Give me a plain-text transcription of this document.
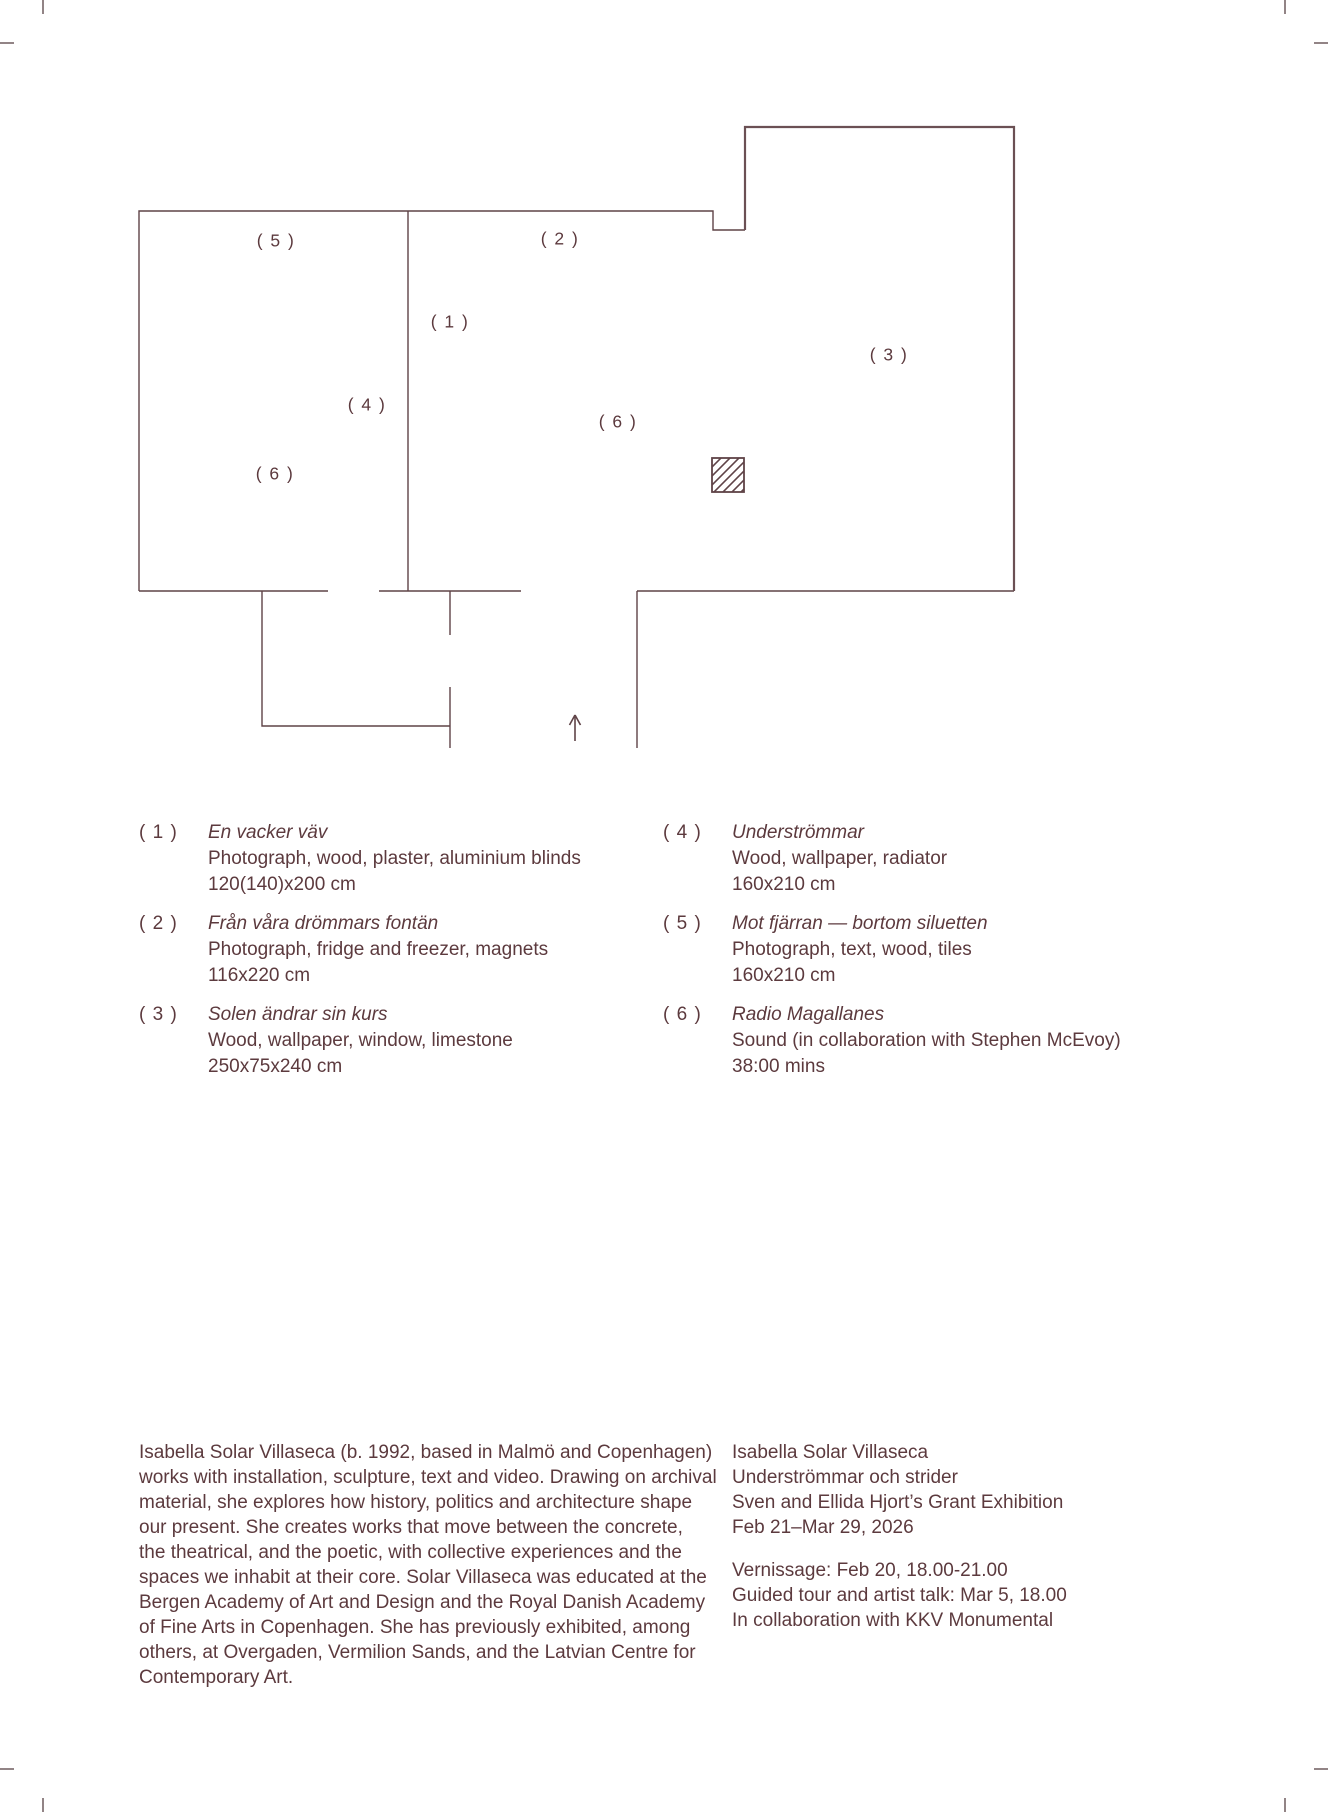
( 5 )	( 2 )
( 1 )
( 3 )
( 4 )
( 6 )
( 6 )
( 1 )	En vacker väv
Photograph, wood, plaster, aluminium blinds
120(140)x200 cm
( 2 )	Från våra drömmars fontän
Photograph, fridge and freezer, magnets
116x220 cm
( 3 )	Solen ändrar sin kurs
Wood, wallpaper, window, limestone
250x75x240 cm
( 4 )	Underströmmar
Wood, wallpaper, radiator
160x210 cm
( 5 )	Mot fjärran — bortom siluetten
Photograph, text, wood, tiles
160x210 cm
( 6 )	Radio Magallanes
Sound (in collaboration with Stephen McEvoy)
38:00 mins
Isabella Solar Villaseca (b. 1992, based in Malmö and Copenhagen)
works with installation, sculpture, text and video. Drawing on archival
material, she explores how history, politics and architecture shape
our present. She creates works that move between the concrete,
the theatrical, and the poetic, with collective experiences and the
spaces we inhabit at their core. Solar Villaseca was educated at the
Bergen Academy of Art and Design and the Royal Danish Academy
of Fine Arts in Copenhagen. She has previously exhibited, among
others, at Overgaden, Vermilion Sands, and the Latvian Centre for
Contemporary Art.
Isabella Solar Villaseca
Underströmmar och strider
Sven and Ellida Hjort’s Grant Exhibition
Feb 21–Mar 29, 2026
Vernissage: Feb 20, 18.00-21.00
Guided tour and artist talk: Mar 5, 18.00
In collaboration with KKV Monumental
